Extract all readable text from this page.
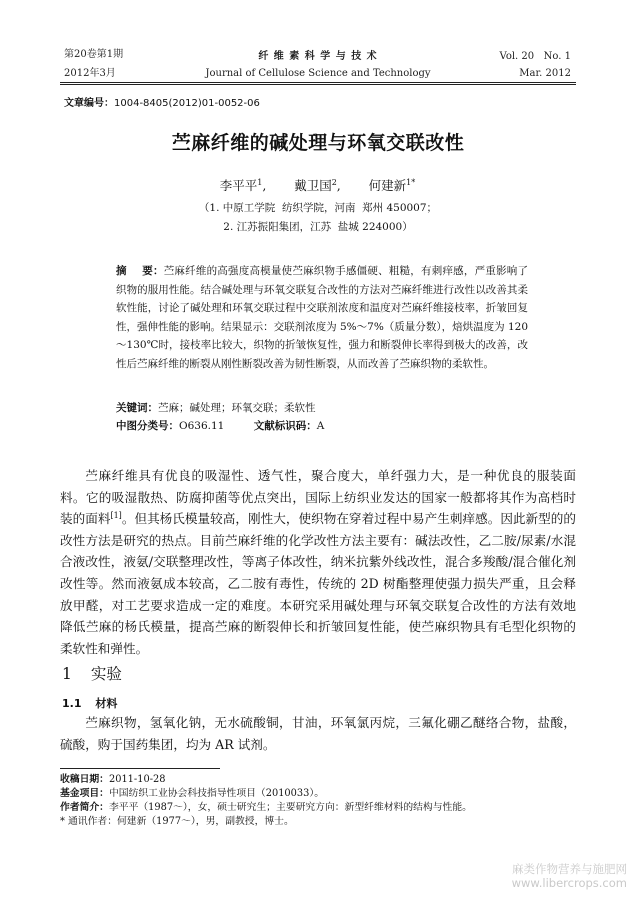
第20卷第1期
2012年3月
纤 维 素 科 学 与 技 术
Journal of Cellulose Science and Technology
Vol. 20   No. 1
Mar. 2012
文章编号：1004-8405(2012)01-0052-06
苎麻纤维的碱处理与环氧交联改性
李平平$^1$, 戴卫国$^2$, 何建新$^{1*}$
（1. 中原工学院  纺织学院，河南  郑州 450007；
2. 江苏振阳集团，江苏  盐城 224000）
摘    要：苎麻纤维的高强度高模量使苎麻织物手感僵硬、粗糙，有刺痒感，严重影响了织物的服用性能。结合碱处理与环氧交联复合改性的方法对苎麻纤维进行改性以改善其柔软性能，讨论了碱处理和环氧交联过程中交联剂浓度和温度对苎麻纤维接枝率，折皱回复性，强伸性能的影响。结果显示：交联剂浓度为 5%～7%（质量分数），焙烘温度为 120～130℃时，接枝率比较大，织物的折皱恢复性，强力和断裂伸长率得到极大的改善，改性后苎麻纤维的断裂从刚性断裂改善为韧性断裂，从而改善了苎麻织物的柔软性。
关键词：苎麻；碱处理；环氧交联；柔软性
中图分类号：O636.11	文献标识码：A
苎麻纤维具有优良的吸湿性、透气性，聚合度大，单纤强力大，是一种优良的服装面料。它的吸湿散热、防腐抑菌等优点突出，国际上纺织业发达的国家一般都将其作为高档时装的面料[1]。但其杨氏模量较高，刚性大，使织物在穿着过程中易产生刺痒感。因此新型的的改性方法是研究的热点。目前苎麻纤维的化学改性方法主要有：碱法改性，乙二胺/尿素/水混合液改性，液氨/交联整理改性，等离子体改性，纳米抗紫外线改性，混合多羧酸/混合催化剂改性等。然而液氨成本较高，乙二胺有毒性，传统的 2D 树酯整理使强力损失严重，且会释放甲醛，对工艺要求造成一定的难度。本研究采用碱处理与环氧交联复合改性的方法有效地降低苎麻的杨氏模量，提高苎麻的断裂伸长和折皱回复性能，使苎麻织物具有毛型化织物的柔软性和弹性。
1 实验
1.1 材料
苎麻织物，氢氧化钠，无水硫酸铜，甘油，环氧氯丙烷，三氟化硼乙醚络合物，盐酸，硫酸，购于国药集团，均为 AR 试剂。
收稿日期：2011-10-28
基金项目：中国纺织工业协会科技指导性项目（2010033）。
作者简介：李平平（1987～），女，硕士研究生；主要研究方向：新型纤维材料的结构与性能。
* 通讯作者：何建新（1977～），男，副教授，博士。
麻类作物营养与施肥网
www.libercrops.com
